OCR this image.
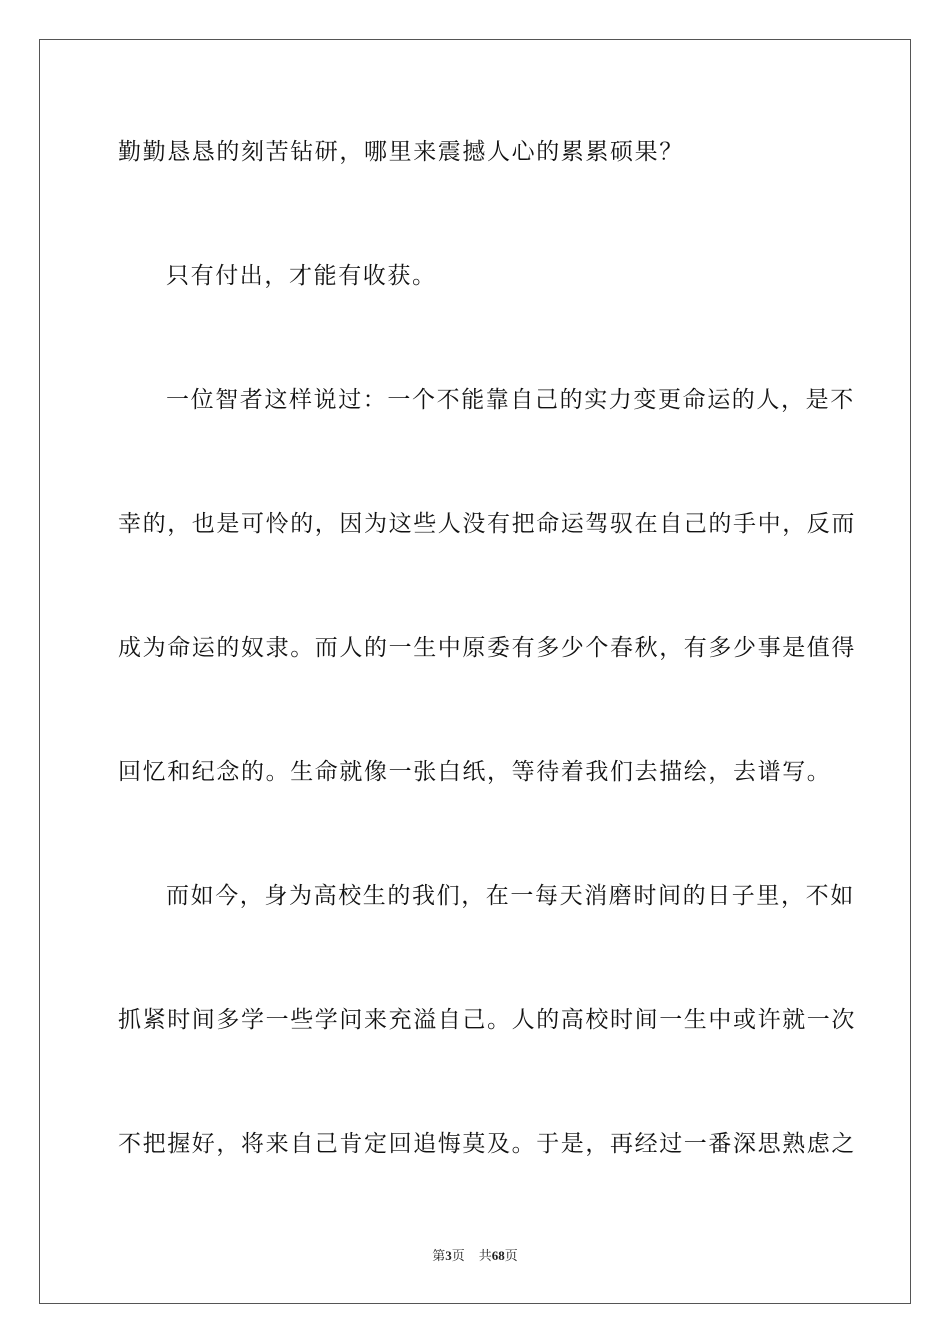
勤勤恳恳的刻苦钻研，哪里来震撼人心的累累硕果？
只有付出，才能有收获。
一位智者这样说过：一个不能靠自己的实力变更命运的人，是不
幸的，也是可怜的，因为这些人没有把命运驾驭在自己的手中，反而
成为命运的奴隶。而人的一生中原委有多少个春秋，有多少事是值得
回忆和纪念的。生命就像一张白纸，等待着我们去描绘，去谱写。
而如今，身为高校生的我们，在一每天消磨时间的日子里，不如
抓紧时间多学一些学问来充溢自己。人的高校时间一生中或许就一次
不把握好，将来自己肯定回追悔莫及。于是，再经过一番深思熟虑之
第3页 共68页
